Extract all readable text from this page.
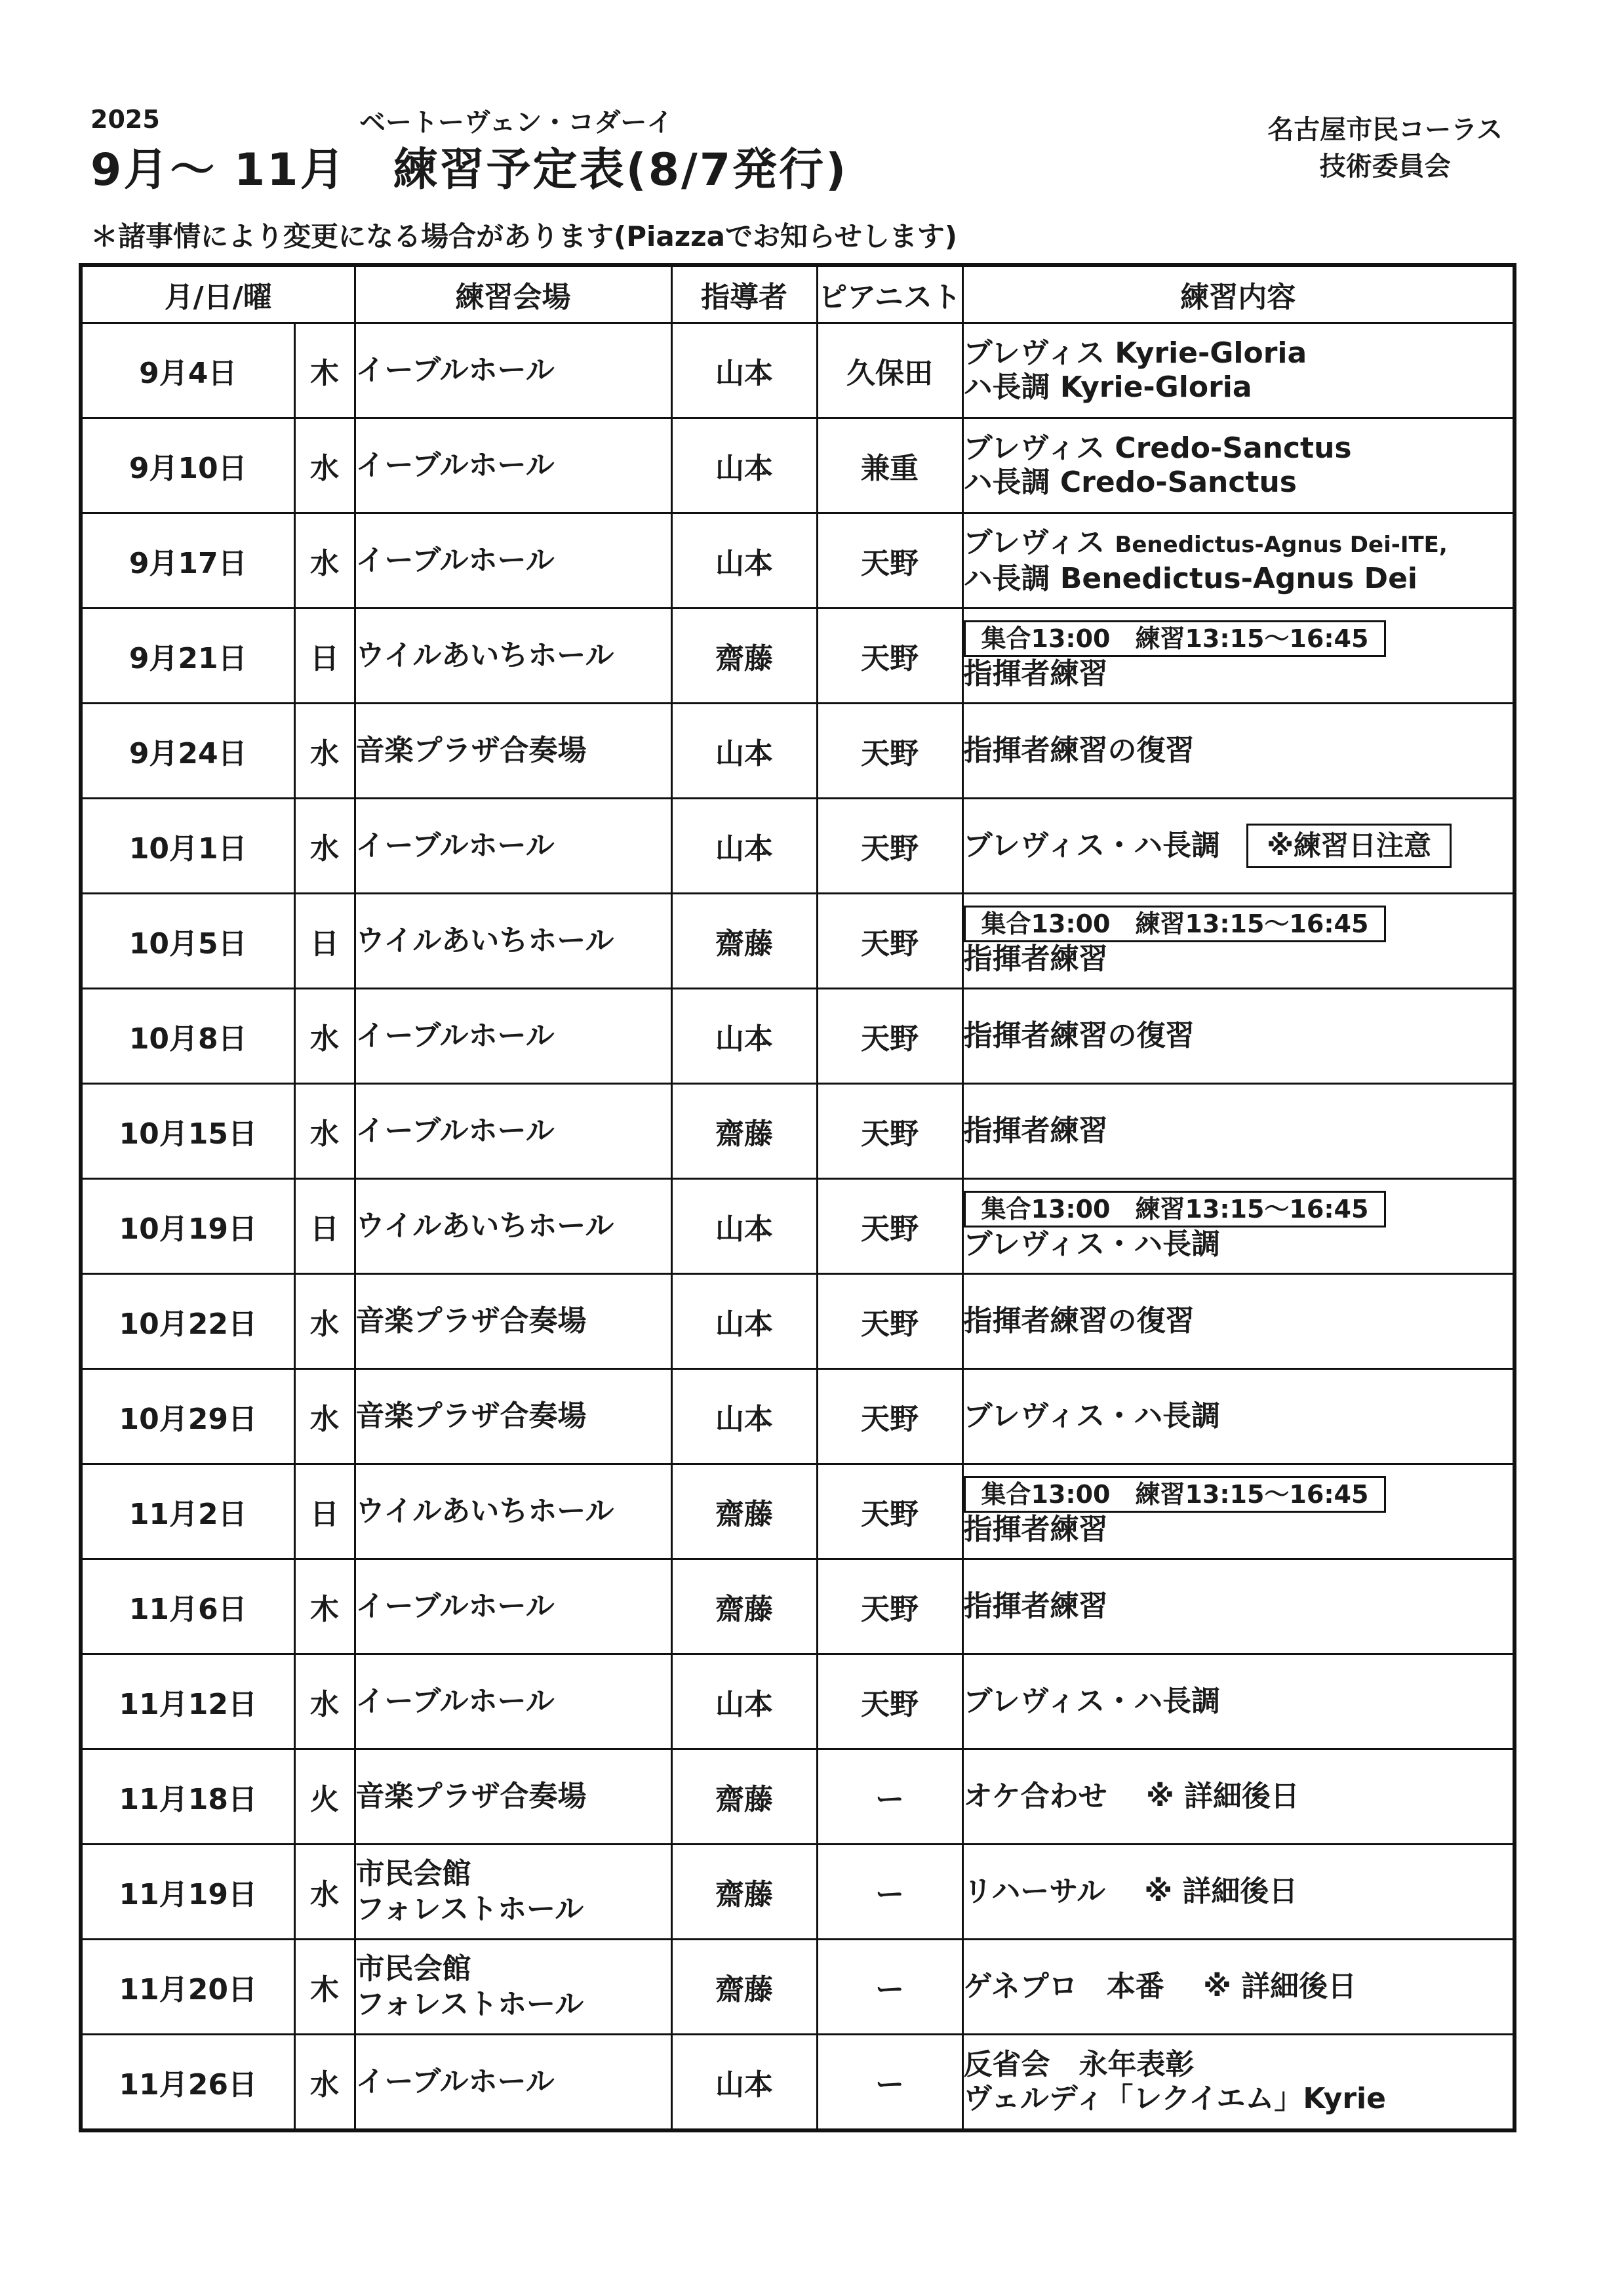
2025	ベートーヴェン・コダーイ
9月～ 11月　練習予定表(8/7発行)
名古屋市民コーラス
技術委員会
＊諸事情により変更になる場合があります(Piazzaでお知らせします)
月/日/曜		練習会場	指導者	ピアニスト	練習内容
9月4日	木	イーブルホール	山本	久保田	ブレヴィス Kyrie-Gloria
ハ長調 Kyrie-Gloria

9月10日	水	イーブルホール	山本	兼重	ブレヴィス Credo-Sanctus
ハ長調 Credo-Sanctus

9月17日	水	イーブルホール	山本	天野	ブレヴィス Benedictus-Agnus Dei-ITE,
ハ長調 Benedictus-Agnus Dei

9月21日	日	ウイルあいちホール	齋藤	天野	集合13:00　練習13:15～16:45
指揮者練習

9月24日	水	音楽プラザ合奏場	山本	天野	指揮者練習の復習

10月1日	水	イーブルホール	山本	天野	ブレヴィス・ハ長調 ※練習日注意

10月5日	日	ウイルあいちホール	齋藤	天野	集合13:00　練習13:15～16:45
指揮者練習

10月8日	水	イーブルホール	山本	天野	指揮者練習の復習

10月15日	水	イーブルホール	齋藤	天野	指揮者練習

10月19日	日	ウイルあいちホール	山本	天野	集合13:00　練習13:15～16:45
ブレヴィス・ハ長調

10月22日	水	音楽プラザ合奏場	山本	天野	指揮者練習の復習

10月29日	水	音楽プラザ合奏場	山本	天野	ブレヴィス・ハ長調

11月2日	日	ウイルあいちホール	齋藤	天野	集合13:00　練習13:15～16:45
指揮者練習

11月6日	木	イーブルホール	齋藤	天野	指揮者練習

11月12日	水	イーブルホール	山本	天野	ブレヴィス・ハ長調

11月18日	火	音楽プラザ合奏場	齋藤	ー	オケ合わせ　 ※ 詳細後日

11月19日	水	市民会館
フォレストホール	齋藤	ー	リハーサル　 ※ 詳細後日

11月20日	木	市民会館
フォレストホール	齋藤	ー	ゲネプロ　本番　 ※ 詳細後日

11月26日	水	イーブルホール	山本	ー	反省会　永年表彰
ヴェルディ「レクイエム」Kyrie
